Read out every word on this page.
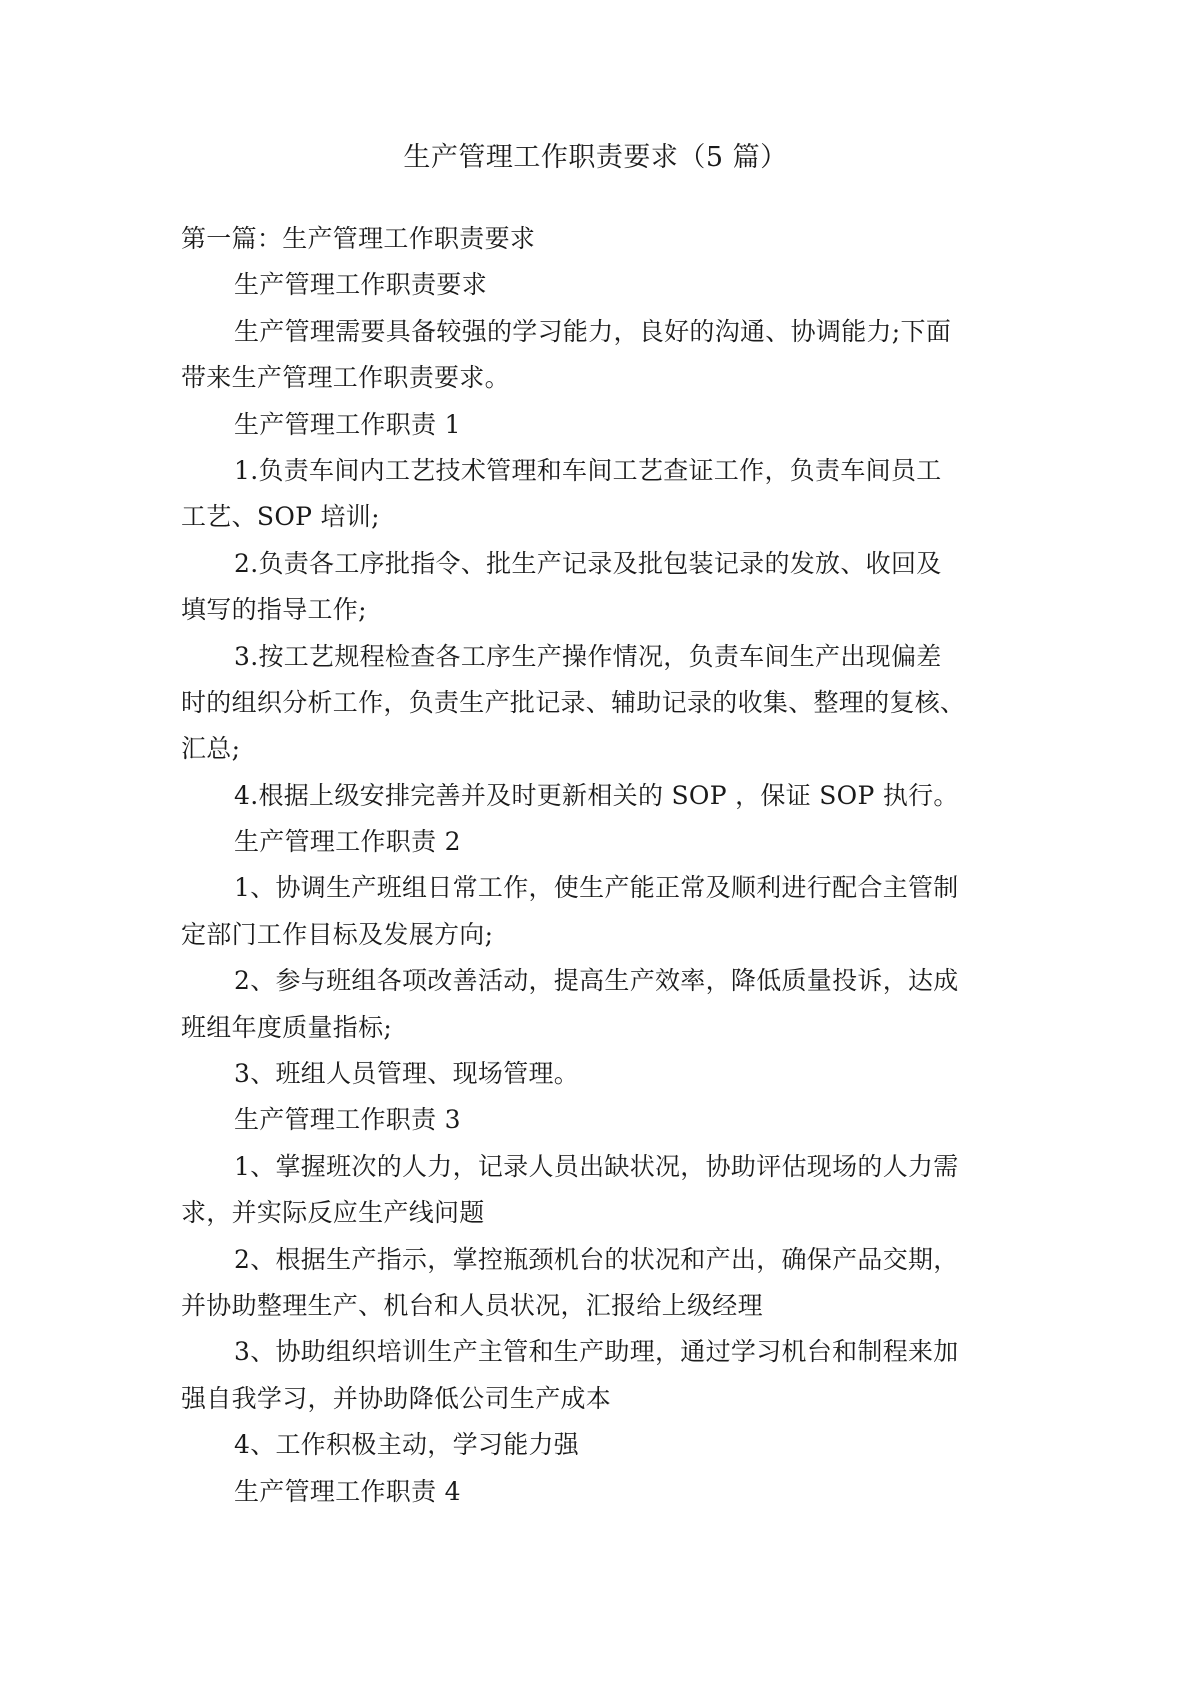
生产管理工作职责要求（5 篇）
第一篇：生产管理工作职责要求
生产管理工作职责要求
生产管理需要具备较强的学习能力，良好的沟通、协调能力;下面
带来生产管理工作职责要求。
生产管理工作职责 1
1.负责车间内工艺技术管理和车间工艺查证工作，负责车间员工
工艺、SOP 培训;
2.负责各工序批指令、批生产记录及批包装记录的发放、收回及
填写的指导工作;
3.按工艺规程检查各工序生产操作情况，负责车间生产出现偏差
时的组织分析工作，负责生产批记录、辅助记录的收集、整理的复核、
汇总;
4.根据上级安排完善并及时更新相关的 SOP ，保证 SOP 执行。
生产管理工作职责 2
1、协调生产班组日常工作，使生产能正常及顺利进行配合主管制
定部门工作目标及发展方向;
2、参与班组各项改善活动，提高生产效率，降低质量投诉，达成
班组年度质量指标;
3、班组人员管理、现场管理。
生产管理工作职责 3
1、掌握班次的人力，记录人员出缺状况，协助评估现场的人力需
求，并实际反应生产线问题
2、根据生产指示，掌控瓶颈机台的状况和产出，确保产品交期，
并协助整理生产、机台和人员状况，汇报给上级经理
3、协助组织培训生产主管和生产助理，通过学习机台和制程来加
强自我学习，并协助降低公司生产成本
4、工作积极主动，学习能力强
生产管理工作职责 4
